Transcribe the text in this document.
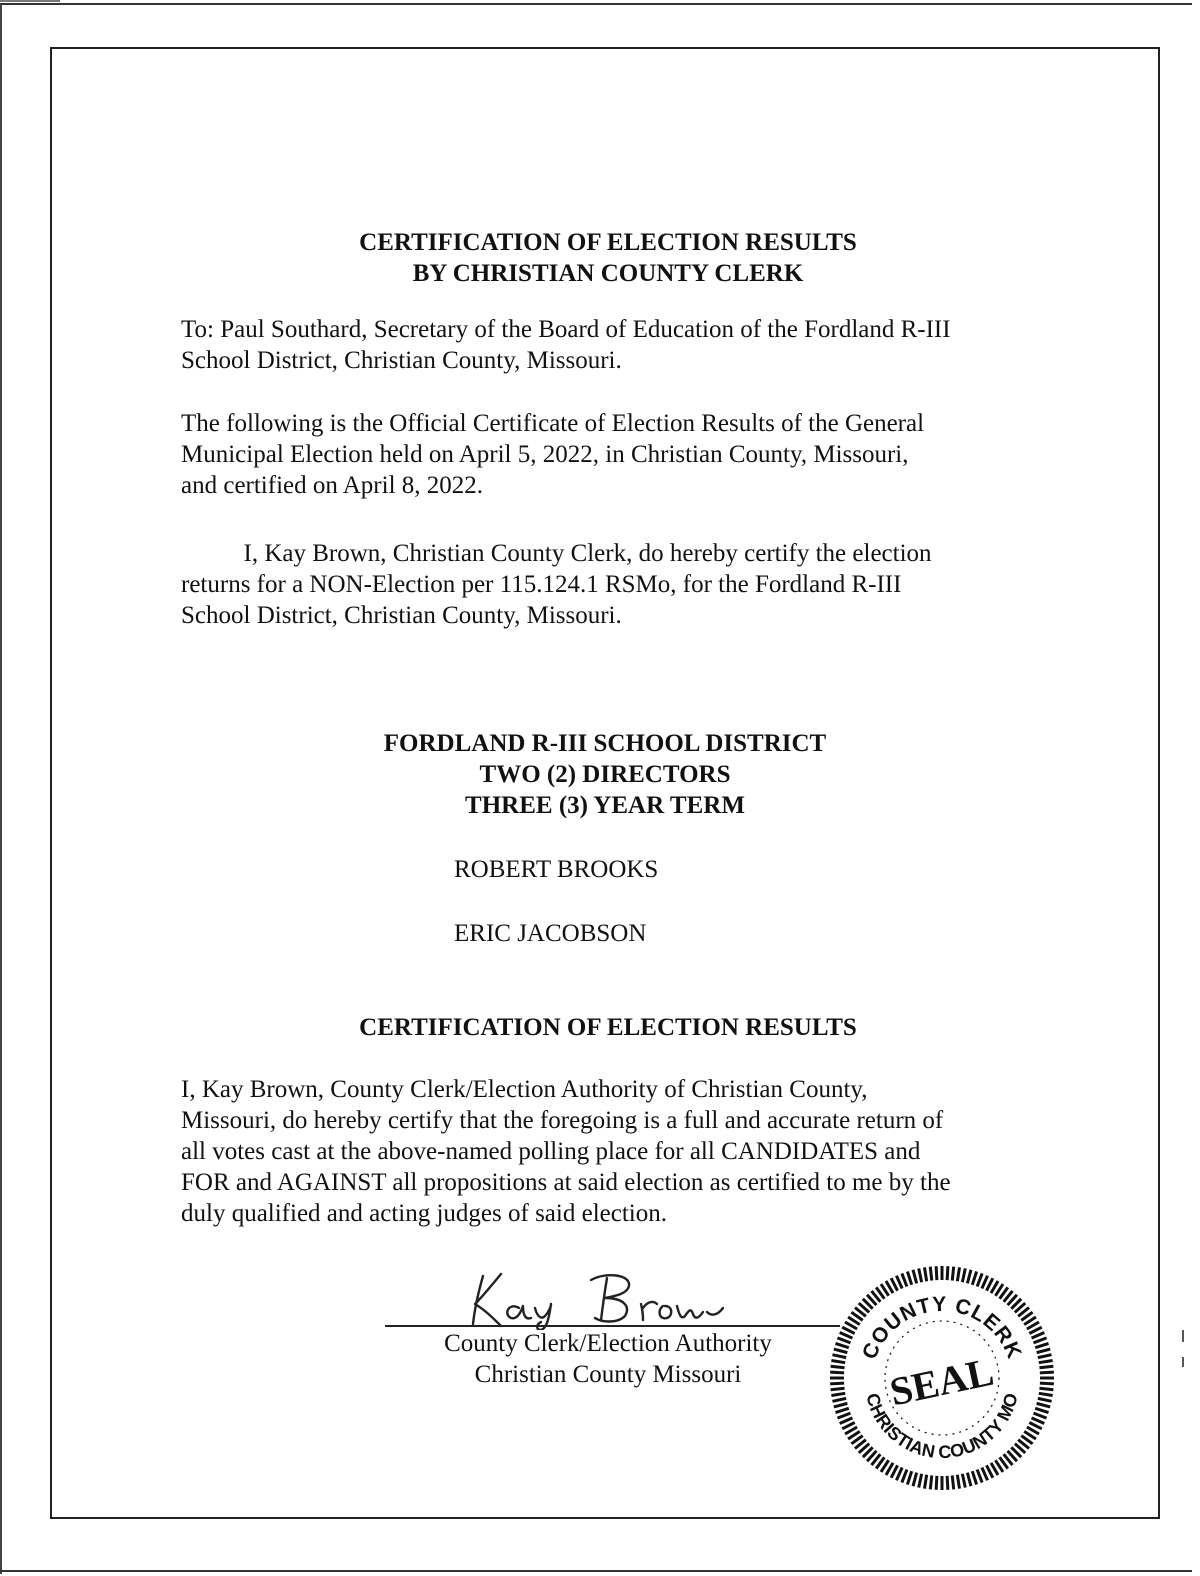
CERTIFICATION OF ELECTION RESULTS
BY CHRISTIAN COUNTY CLERK
To: Paul Southard, Secretary of the Board of Education of the Fordland R-III
School District, Christian County, Missouri.
The following is the Official Certificate of Election Results of the General
Municipal Election held on April 5, 2022, in Christian County, Missouri,
and certified on April 8, 2022.
I, Kay Brown, Christian County Clerk, do hereby certify the election
returns for a NON-Election per 115.124.1 RSMo, for the Fordland R-III
School District, Christian County, Missouri.
FORDLAND R-III SCHOOL DISTRICT
TWO (2) DIRECTORS
THREE (3) YEAR TERM
ROBERT BROOKS
ERIC JACOBSON
CERTIFICATION OF ELECTION RESULTS
I, Kay Brown, County Clerk/Election Authority of Christian County,
Missouri, do hereby certify that the foregoing is a full and accurate return of
all votes cast at the above-named polling place for all CANDIDATES and
FOR and AGAINST all propositions at said election as certified to me by the
duly qualified and acting judges of said election.
County Clerk/Election Authority
Christian County Missouri
COUNTY CLERK
CHRISTIAN COUNTY MO
SEAL
